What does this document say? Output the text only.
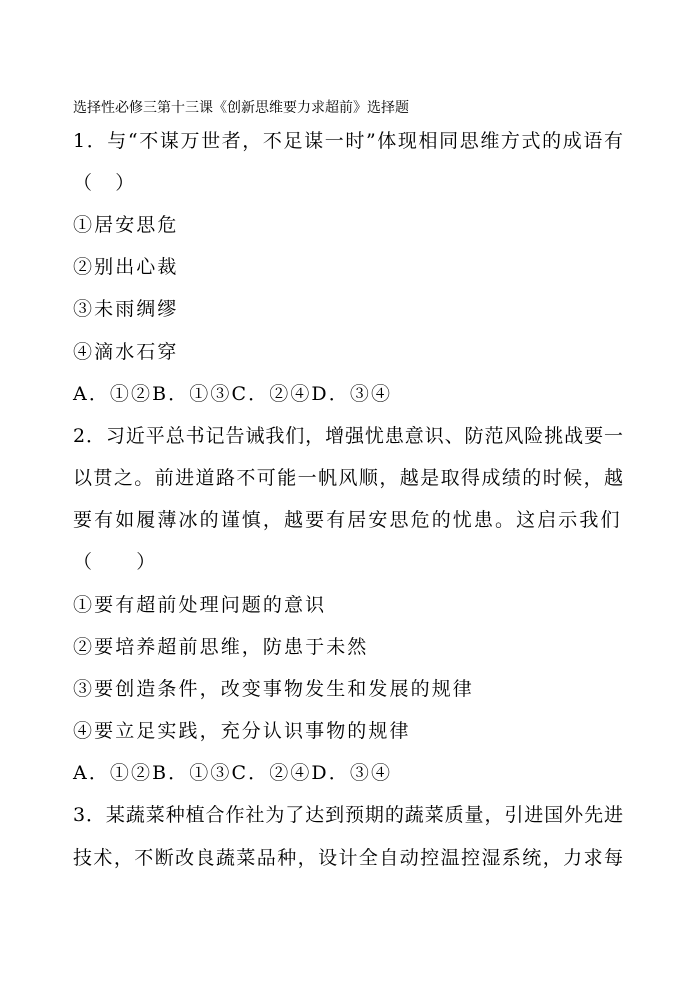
选择性必修三第十三课《创新思维要力求超前》选择题
1．与“不谋万世者，不足谋一时”体现相同思维方式的成语有
（　）
①居安思危
②别出心裁
③未雨绸缪
④滴水石穿
A．①②B．①③C．②④D．③④
2．习近平总书记告诫我们，增强忧患意识、防范风险挑战要一
以贯之。前进道路不可能一帆风顺，越是取得成绩的时候，越
要有如履薄冰的谨慎，越要有居安思危的忧患。这启示我们
（　　）
①要有超前处理问题的意识
②要培养超前思维，防患于未然
③要创造条件，改变事物发生和发展的规律
④要立足实践，充分认识事物的规律
A．①②B．①③C．②④D．③④
3．某蔬菜种植合作社为了达到预期的蔬菜质量，引进国外先进
技术，不断改良蔬菜品种，设计全自动控温控湿系统，力求每
